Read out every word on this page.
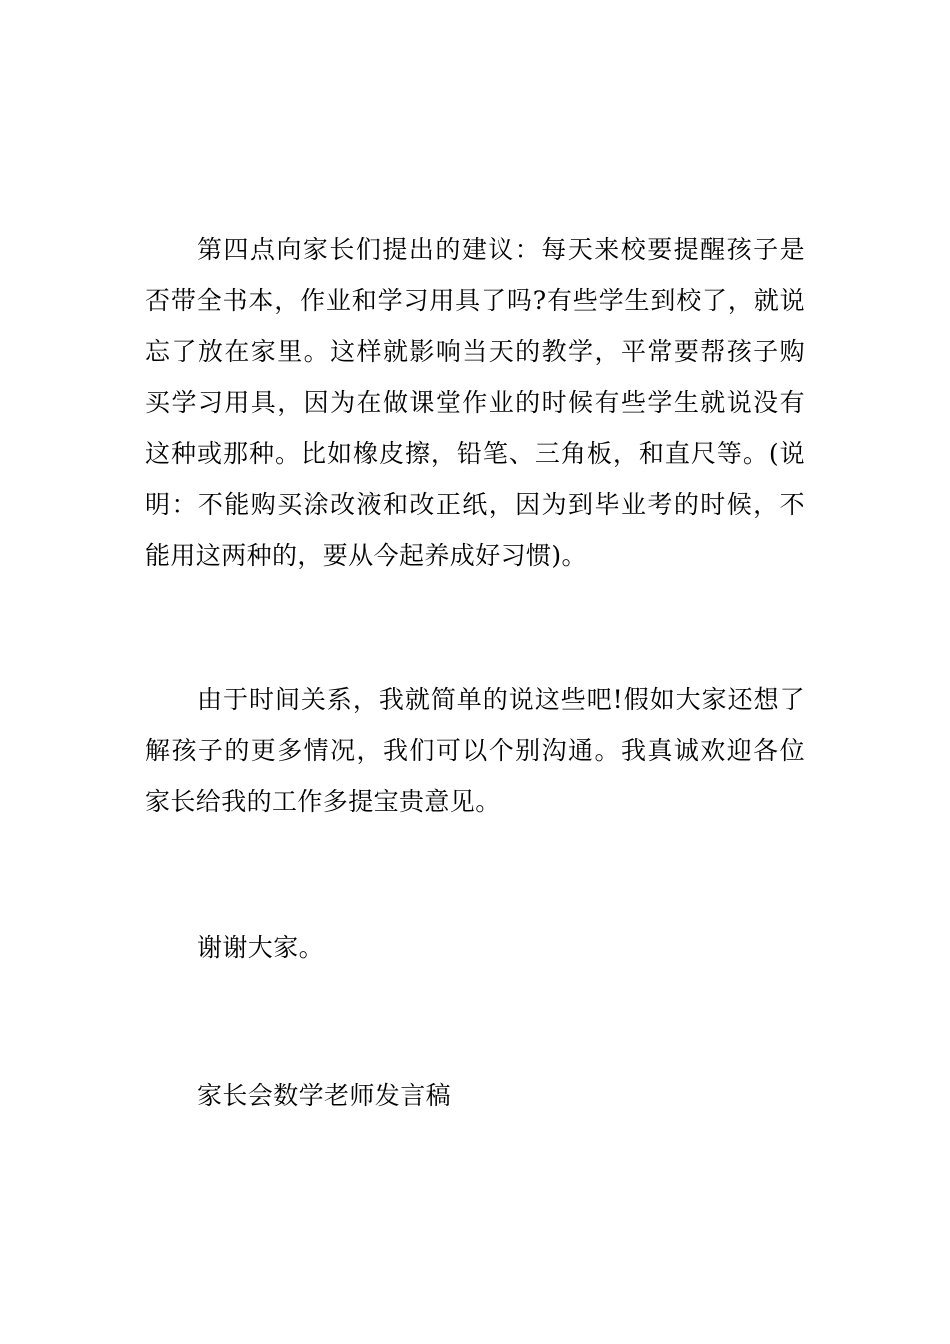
第四点向家长们提出的建议：每天来校要提醒孩子是否带全书本，作业和学习用具了吗?有些学生到校了，就说忘了放在家里。这样就影响当天的教学，平常要帮孩子购买学习用具，因为在做课堂作业的时候有些学生就说没有这种或那种。比如橡皮擦，铅笔、三角板，和直尺等。(说明：不能购买涂改液和改正纸，因为到毕业考的时候，不能用这两种的，要从今起养成好习惯)。

由于时间关系，我就简单的说这些吧!假如大家还想了解孩子的更多情况，我们可以个别沟通。我真诚欢迎各位家长给我的工作多提宝贵意见。

谢谢大家。

家长会数学老师发言稿
